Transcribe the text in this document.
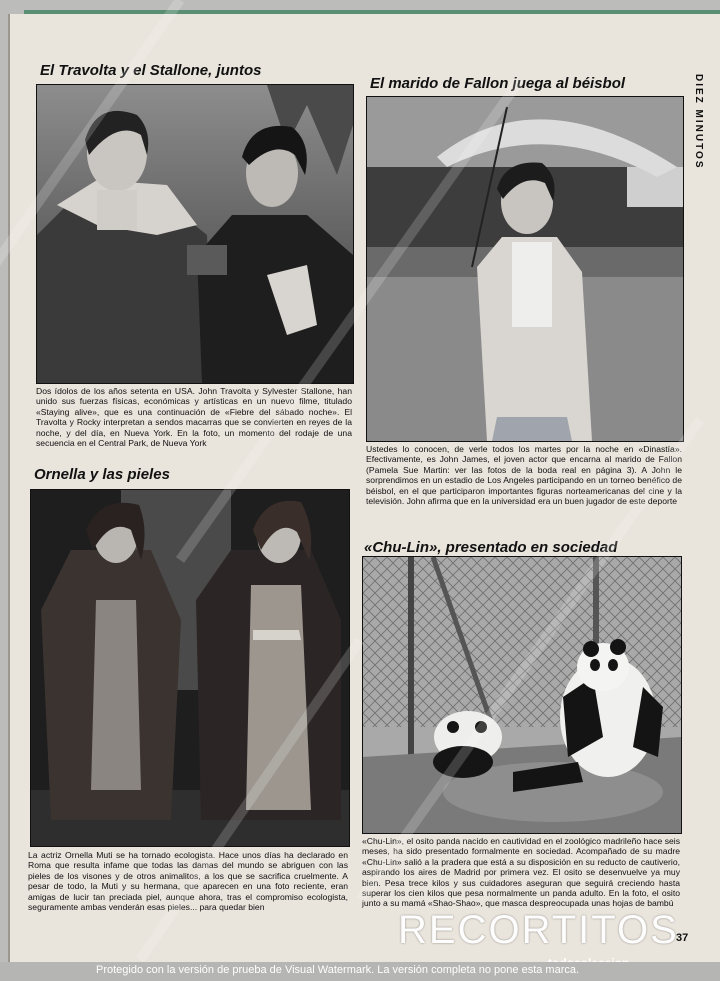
DIEZ MINUTOS
El Travolta y el Stallone, juntos

Dos ídolos de los años setenta en USA. John Travolta y Sylvester Stallone, han unido sus fuerzas físicas, económicas y artísticas en un nuevo filme, titulado «Staying alive», que es una continuación de «Fiebre del sábado noche». El Travolta y Rocky interpretan a sendos macarras que se convierten en reyes de la noche, y del día, en Nueva York. En la foto, un momento del rodaje de una secuencia en el Central Park, de Nueva York

El marido de Fallon juega al béisbol

Ustedes lo conocen, de verle todos los martes por la noche en «Dinastía». Efectivamente, es John James, el joven actor que encarna al marido de Fallon (Pamela Sue Martin: ver las fotos de la boda real en página 3). A John le sorprendimos en un estadio de Los Angeles participando en un torneo benéfico de béisbol, en el que participaron importantes figuras norteamericanas del cine y la televisión. John afirma que en la universidad era un buen jugador de este deporte

Ornella y las pieles

La actriz Ornella Muti se ha tornado ecologista. Hace unos días ha declarado en Roma que resulta infame que todas las damas del mundo se abriguen con las pieles de los visones y de otros animalitos, a los que se sacrifica cruelmente. A pesar de todo, la Muti y su hermana, que aparecen en una foto reciente, eran amigas de lucir tan preciada piel, aunque ahora, tras el compromiso ecologista, seguramente ambas venderán esas pieles... para quedar bien

«Chu-Lin», presentado en sociedad

«Chu-Lin», el osito panda nacido en cautividad en el zoológico madrileño hace seis meses, ha sido presentado formalmente en sociedad. Acompañado de su madre «Chu-Lin» salió a la pradera que está a su disposición en su reducto de cautiverio, aspirando los aires de Madrid por primera vez. El osito se desenvuelve ya muy bien. Pesa trece kilos y sus cuidadores aseguran que seguirá creciendo hasta superar los cien kilos que pesa normalmente un panda adulto. En la foto, el osito junto a su mamá «Shao-Shao», que masca despreocupada unas hojas de bambú

37
RECORTITOS
Protegido con la versión de prueba de Visual Watermark. La versión completa no pone esta marca.
